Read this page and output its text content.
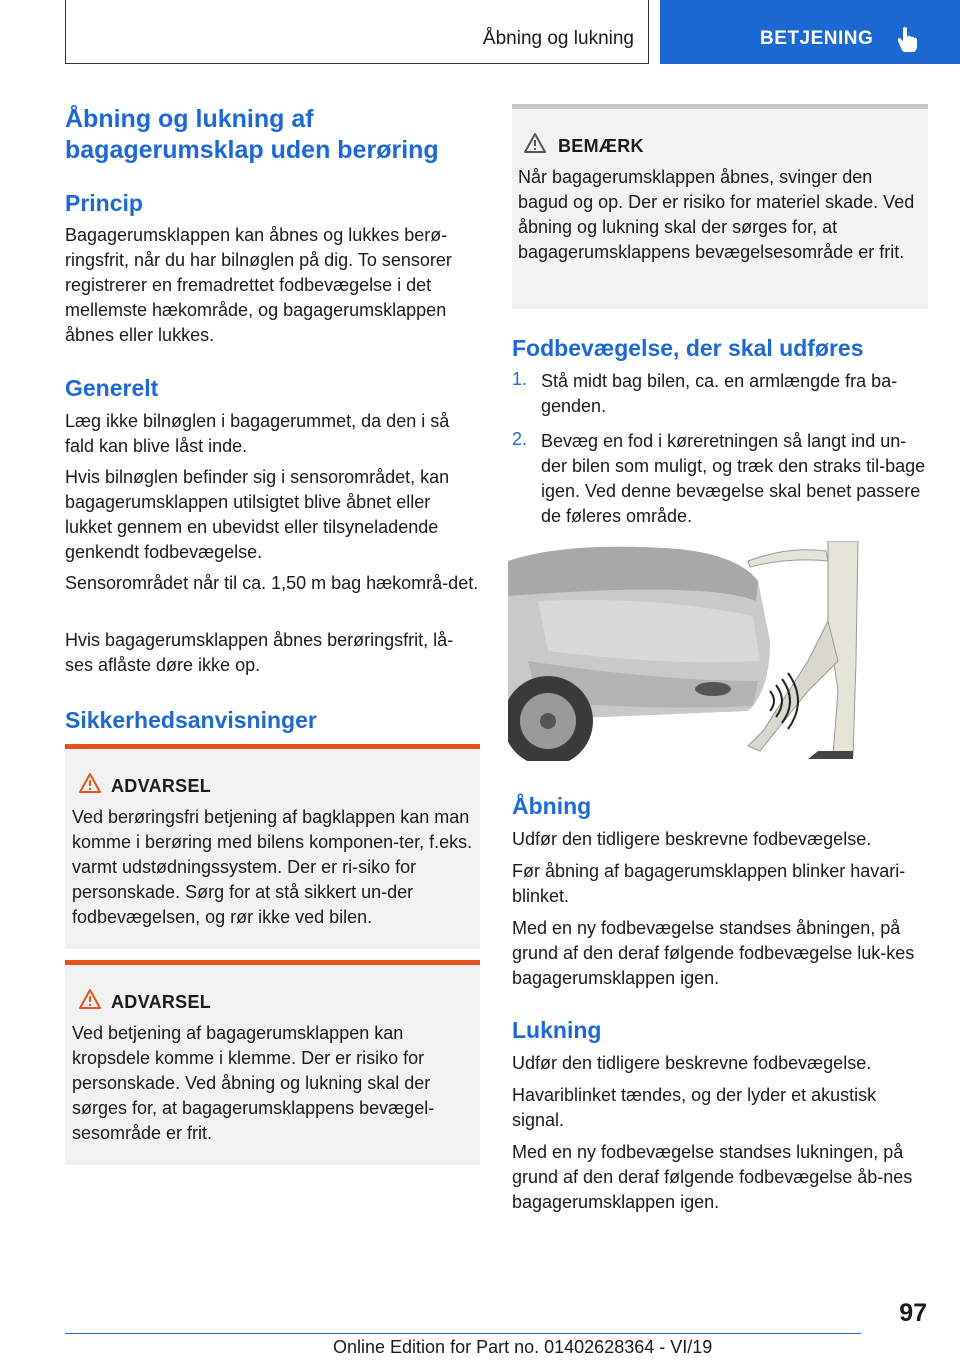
Åbning og lukning	BETJENING
Åbning og lukning af bagagerumsklap uden berøring
Princip

Bagagerumsklappen kan åbnes og lukkes berø-ringsfrit, når du har bilnøglen på dig. To sensorer registrerer en fremadrettet fodbevægelse i det mellemste hækområde, og bagagerumsklappen åbnes eller lukkes.

Generelt

Læg ikke bilnøglen i bagagerummet, da den i så fald kan blive låst inde.

Hvis bilnøglen befinder sig i sensorområdet, kan bagagerumsklappen utilsigtet blive åbnet eller lukket gennem en ubevidst eller tilsyneladende genkendt fodbevægelse.

Sensorområdet når til ca. 1,50 m bag hækområ-det.

Hvis bagagerumsklappen åbnes berøringsfrit, lå-ses aflåste døre ikke op.

Sikkerhedsanvisninger
ADVARSEL

Ved berøringsfri betjening af bagklappen kan man komme i berøring med bilens komponen-ter, f.eks. varmt udstødningssystem. Der er ri-siko for personskade. Sørg for at stå sikkert un-der fodbevægelsen, og rør ikke ved bilen.

ADVARSEL

Ved betjening af bagagerumsklappen kan kropsdele komme i klemme. Der er risiko for personskade. Ved åbning og lukning skal der sørges for, at bagagerumsklappens bevægel-sesområde er frit.

BEMÆRK

Når bagagerumsklappen åbnes, svinger den bagud og op. Der er risiko for materiel skade. Ved åbning og lukning skal der sørges for, at bagagerumsklappens bevægelsesområde er frit.

Fodbevægelse, der skal udføres
1. Stå midt bag bilen, ca. en armlængde fra ba-genden.

2. Bevæg en fod i køreretningen så langt ind un-der bilen som muligt, og træk den straks til-bage igen. Ved denne bevægelse skal benet passere de føleres område.

Åbning

Udfør den tidligere beskrevne fodbevægelse.

Før åbning af bagagerumsklappen blinker havari-blinket.

Med en ny fodbevægelse standses åbningen, på grund af den deraf følgende fodbevægelse luk-kes bagagerumsklappen igen.

Lukning

Udfør den tidligere beskrevne fodbevægelse.

Havariblinket tændes, og der lyder et akustisk signal.

Med en ny fodbevægelse standses lukningen, på grund af den deraf følgende fodbevægelse åb-nes bagagerumsklappen igen.

97
Online Edition for Part no. 01402628364 - VI/19
